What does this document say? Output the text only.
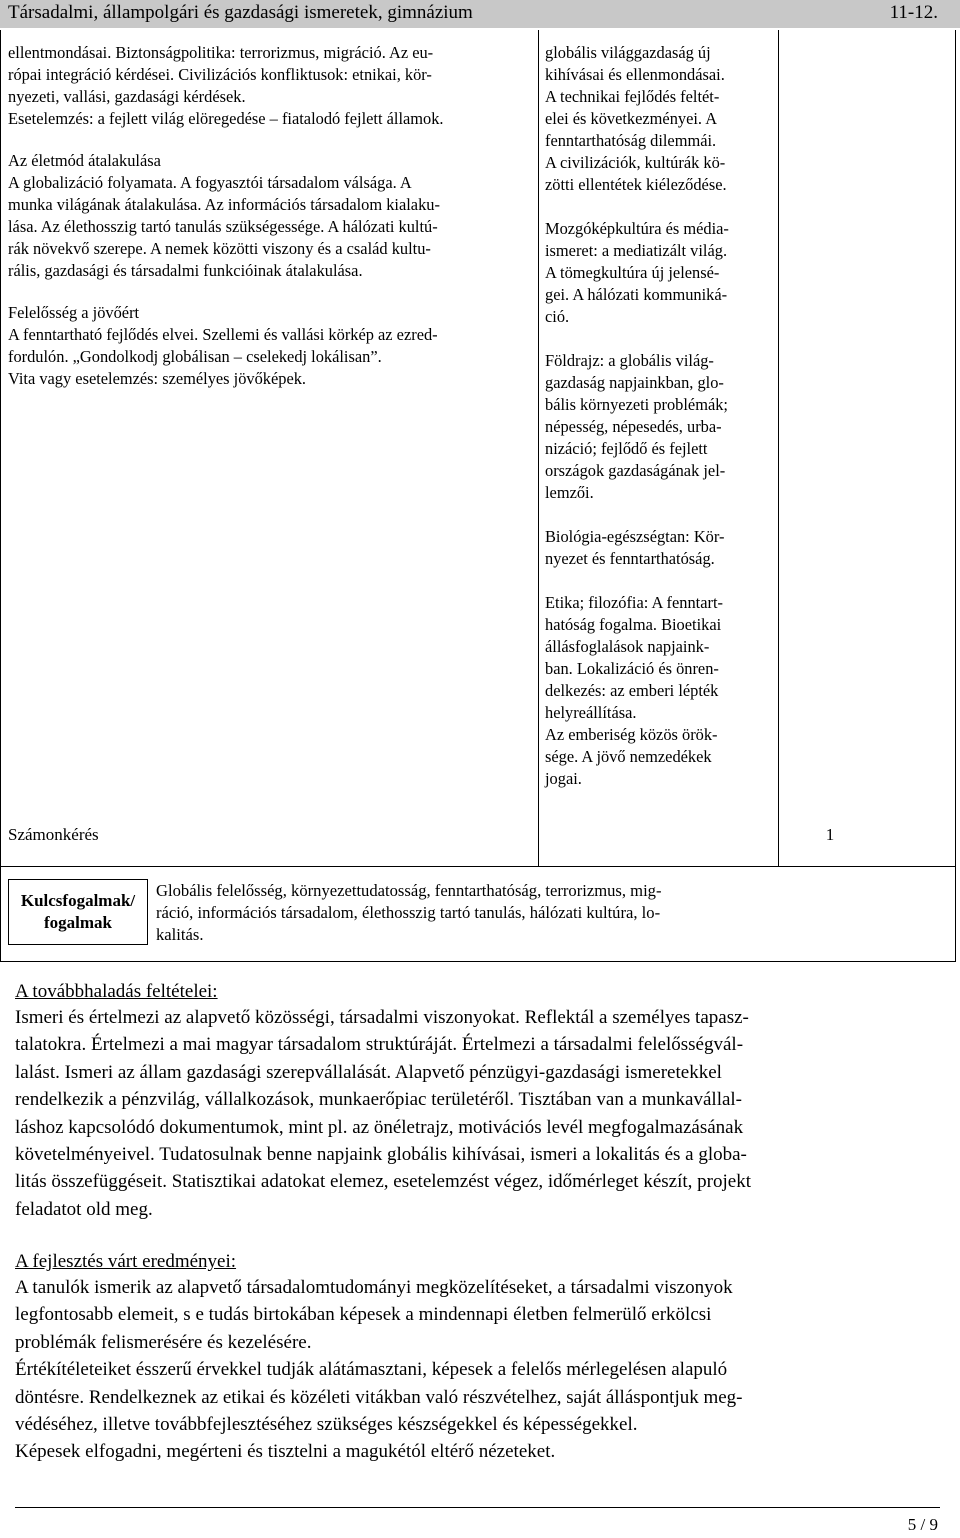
Társadalmi, állampolgári és gazdasági ismeretek, gimnázium	11-12.

ellentmondásai. Biztonságpolitika: terrorizmus, migráció. Az eu-

rópai integráció kérdései. Civilizációs konfliktusok: etnikai, kör-

nyezeti, vallási, gazdasági kérdések.

Esetelemzés: a fejlett világ elöregedése – fiatalodó fejlett államok.

Az életmód átalakulása

A globalizáció folyamata. A fogyasztói társadalom válsága. A

munka világának átalakulása. Az információs társadalom kialaku-

lása. Az élethosszig tartó tanulás szükségessége. A hálózati kultú-

rák növekvő szerepe. A nemek közötti viszony és a család kultu-

rális, gazdasági és társadalmi funkcióinak átalakulása.

Felelősség a jövőért

A fenntartható fejlődés elvei. Szellemi és vallási körkép az ezred-

fordulón. „Gondolkodj globálisan – cselekedj lokálisan”.

Vita vagy esetelemzés: személyes jövőképek.

globális világgazdaság új
kihívásai és ellenmondásai.
A technikai fejlődés feltét-
elei és következményei. A
fenntarthatóság dilemmái.
A civilizációk, kultúrák kö-
zötti ellentétek kiéleződése.
Mozgóképkultúra és média-
ismeret: a mediatizált világ.
A tömegkultúra új jelensé-
gei. A hálózati kommuniká-
ció.
Földrajz: a globális világ-
gazdaság napjainkban, glo-
bális környezeti problémák;
népesség, népesedés, urba-
nizáció; fejlődő és fejlett
országok gazdaságának jel-
lemzői.
Biológia-egészségtan: Kör-
nyezet és fenntarthatóság.
Etika; filozófia: A fenntart-
hatóság fogalma. Bioetikai
állásfoglalások napjaink-
ban. Lokalizáció és önren-
delkezés: az emberi lépték
helyreállítása.
Az emberiség közös örök-
sége. A jövő nemzedékek
jogai.
Számonkérés	1
Kulcsfogalmak/
fogalmak
Globális felelősség, környezettudatosság, fenntarthatóság, terrorizmus, mig-
ráció, információs társadalom, élethosszig tartó tanulás, hálózati kultúra, lo-
kalitás.
A továbbhaladás feltételei:
Ismeri és értelmezi az alapvető közösségi, társadalmi viszonyokat. Reflektál a személyes tapasz-
talatokra. Értelmezi a mai magyar társadalom struktúráját. Értelmezi a társadalmi felelősségvál-
lalást. Ismeri az állam gazdasági szerepvállalását. Alapvető pénzügyi-gazdasági ismeretekkel
rendelkezik a pénzvilág, vállalkozások, munkaerőpiac területéről. Tisztában van a munkavállal-
láshoz kapcsolódó dokumentumok, mint pl. az önéletrajz, motivációs levél megfogalmazásának
követelményeivel. Tudatosulnak benne napjaink globális kihívásai, ismeri a lokalitás és a globa-
litás összefüggéseit. Statisztikai adatokat elemez, esetelemzést végez, időmérleget készít, projekt
feladatot old meg.
A fejlesztés várt eredményei:
A tanulók ismerik az alapvető társadalomtudományi megközelítéseket, a társadalmi viszonyok
legfontosabb elemeit, s e tudás birtokában képesek a mindennapi életben felmerülő erkölcsi
problémák felismerésére és kezelésére.
Értékítéleteiket ésszerű érvekkel tudják alátámasztani, képesek a felelős mérlegelésen alapuló
döntésre. Rendelkeznek az etikai és közéleti vitákban való részvételhez, saját álláspontjuk meg-
védéséhez, illetve továbbfejlesztéséhez szükséges készségekkel és képességekkel.
Képesek elfogadni, megérteni és tisztelni a magukétól eltérő nézeteket.
5 / 9
